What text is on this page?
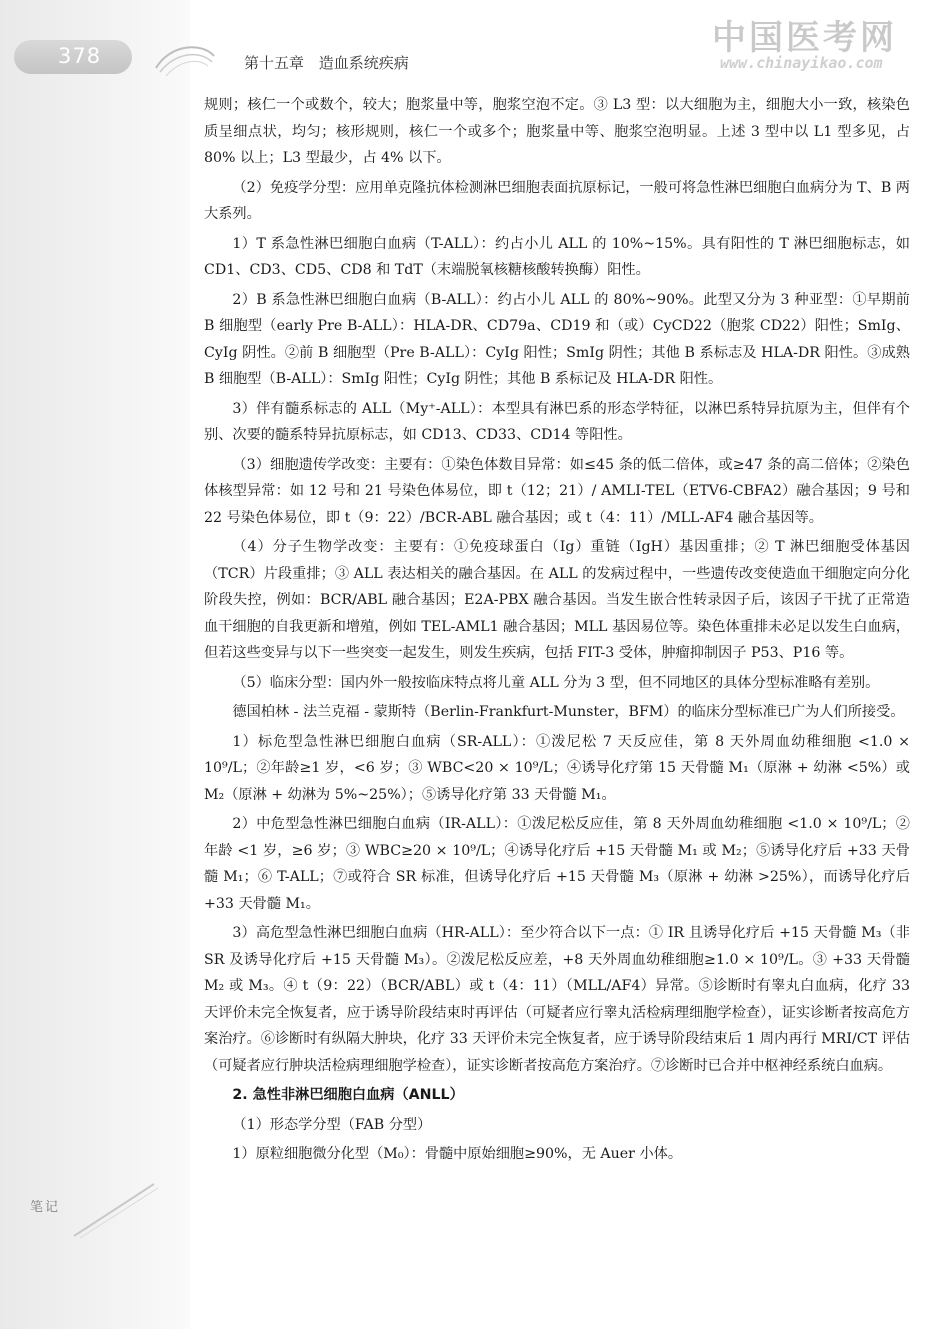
378	第十五章 造血系统疾病
中国医考网
www.chinayikao.com

规则；核仁一个或数个，较大；胞浆量中等，胞浆空泡不定。③ L3 型：以大细胞为主，细胞大小一致，核染色质呈细点状，均匀；核形规则，核仁一个或多个；胞浆量中等、胞浆空泡明显。上述 3 型中以 L1 型多见，占 80% 以上；L3 型最少，占 4% 以下。

（2）免疫学分型：应用单克隆抗体检测淋巴细胞表面抗原标记，一般可将急性淋巴细胞白血病分为 T、B 两大系列。

1）T 系急性淋巴细胞白血病（T-ALL）：约占小儿 ALL 的 10%~15%。具有阳性的 T 淋巴细胞标志，如 CD1、CD3、CD5、CD8 和 TdT（末端脱氧核糖核酸转换酶）阳性。

2）B 系急性淋巴细胞白血病（B-ALL）：约占小儿 ALL 的 80%~90%。此型又分为 3 种亚型：①早期前 B 细胞型（early Pre B-ALL）：HLA-DR、CD79a、CD19 和（或）CyCD22（胞浆 CD22）阳性；SmIg、CyIg 阴性。②前 B 细胞型（Pre B-ALL）：CyIg 阳性；SmIg 阴性；其他 B 系标志及 HLA-DR 阳性。③成熟 B 细胞型（B-ALL）：SmIg 阳性；CyIg 阴性；其他 B 系标记及 HLA-DR 阳性。

3）伴有髓系标志的 ALL（My⁺-ALL）：本型具有淋巴系的形态学特征，以淋巴系特异抗原为主，但伴有个别、次要的髓系特异抗原标志，如 CD13、CD33、CD14 等阳性。

（3）细胞遗传学改变：主要有：①染色体数目异常：如≤45 条的低二倍体，或≥47 条的高二倍体；②染色体核型异常：如 12 号和 21 号染色体易位，即 t（12；21）/ AMLI-TEL（ETV6-CBFA2）融合基因；9 号和 22 号染色体易位，即 t（9：22）/BCR-ABL 融合基因；或 t（4：11）/MLL-AF4 融合基因等。

（4）分子生物学改变：主要有：①免疫球蛋白（Ig）重链（IgH）基因重排；② T 淋巴细胞受体基因（TCR）片段重排；③ ALL 表达相关的融合基因。在 ALL 的发病过程中，一些遗传改变使造血干细胞定向分化阶段失控，例如：BCR/ABL 融合基因；E2A-PBX 融合基因。当发生嵌合性转录因子后，该因子干扰了正常造血干细胞的自我更新和增殖，例如 TEL-AML1 融合基因；MLL 基因易位等。染色体重排未必足以发生白血病，但若这些变异与以下一些突变一起发生，则发生疾病，包括 FIT-3 受体，肿瘤抑制因子 P53、P16 等。

（5）临床分型：国内外一般按临床特点将儿童 ALL 分为 3 型，但不同地区的具体分型标准略有差别。

德国柏林 - 法兰克福 - 蒙斯特（Berlin-Frankfurt-Munster，BFM）的临床分型标准已广为人们所接受。

1）标危型急性淋巴细胞白血病（SR-ALL）：①泼尼松 7 天反应佳，第 8 天外周血幼稚细胞 <1.0 × 10⁹/L；②年龄≥1 岁，<6 岁；③ WBC<20 × 10⁹/L；④诱导化疗第 15 天骨髓 M₁（原淋 + 幼淋 <5%）或 M₂（原淋 + 幼淋为 5%~25%）；⑤诱导化疗第 33 天骨髓 M₁。

2）中危型急性淋巴细胞白血病（IR-ALL）：①泼尼松反应佳，第 8 天外周血幼稚细胞 <1.0 × 10⁹/L；②年龄 <1 岁，≥6 岁；③ WBC≥20 × 10⁹/L；④诱导化疗后 +15 天骨髓 M₁ 或 M₂；⑤诱导化疗后 +33 天骨髓 M₁；⑥ T-ALL；⑦或符合 SR 标准，但诱导化疗后 +15 天骨髓 M₃（原淋 + 幼淋 >25%），而诱导化疗后 +33 天骨髓 M₁。

3）高危型急性淋巴细胞白血病（HR-ALL）：至少符合以下一点：① IR 且诱导化疗后 +15 天骨髓 M₃（非 SR 及诱导化疗后 +15 天骨髓 M₃）。②泼尼松反应差，+8 天外周血幼稚细胞≥1.0 × 10⁹/L。③ +33 天骨髓 M₂ 或 M₃。④ t（9：22）（BCR/ABL）或 t（4：11）（MLL/AF4）异常。⑤诊断时有睾丸白血病，化疗 33 天评价未完全恢复者，应于诱导阶段结束时再评估（可疑者应行睾丸活检病理细胞学检查），证实诊断者按高危方案治疗。⑥诊断时有纵隔大肿块，化疗 33 天评价未完全恢复者，应于诱导阶段结束后 1 周内再行 MRI/CT 评估（可疑者应行肿块活检病理细胞学检查），证实诊断者按高危方案治疗。⑦诊断时已合并中枢神经系统白血病。

2. 急性非淋巴细胞白血病（ANLL）

（1）形态学分型（FAB 分型）

1）原粒细胞微分化型（M₀）：骨髓中原始细胞≥90%，无 Auer 小体。

笔记
